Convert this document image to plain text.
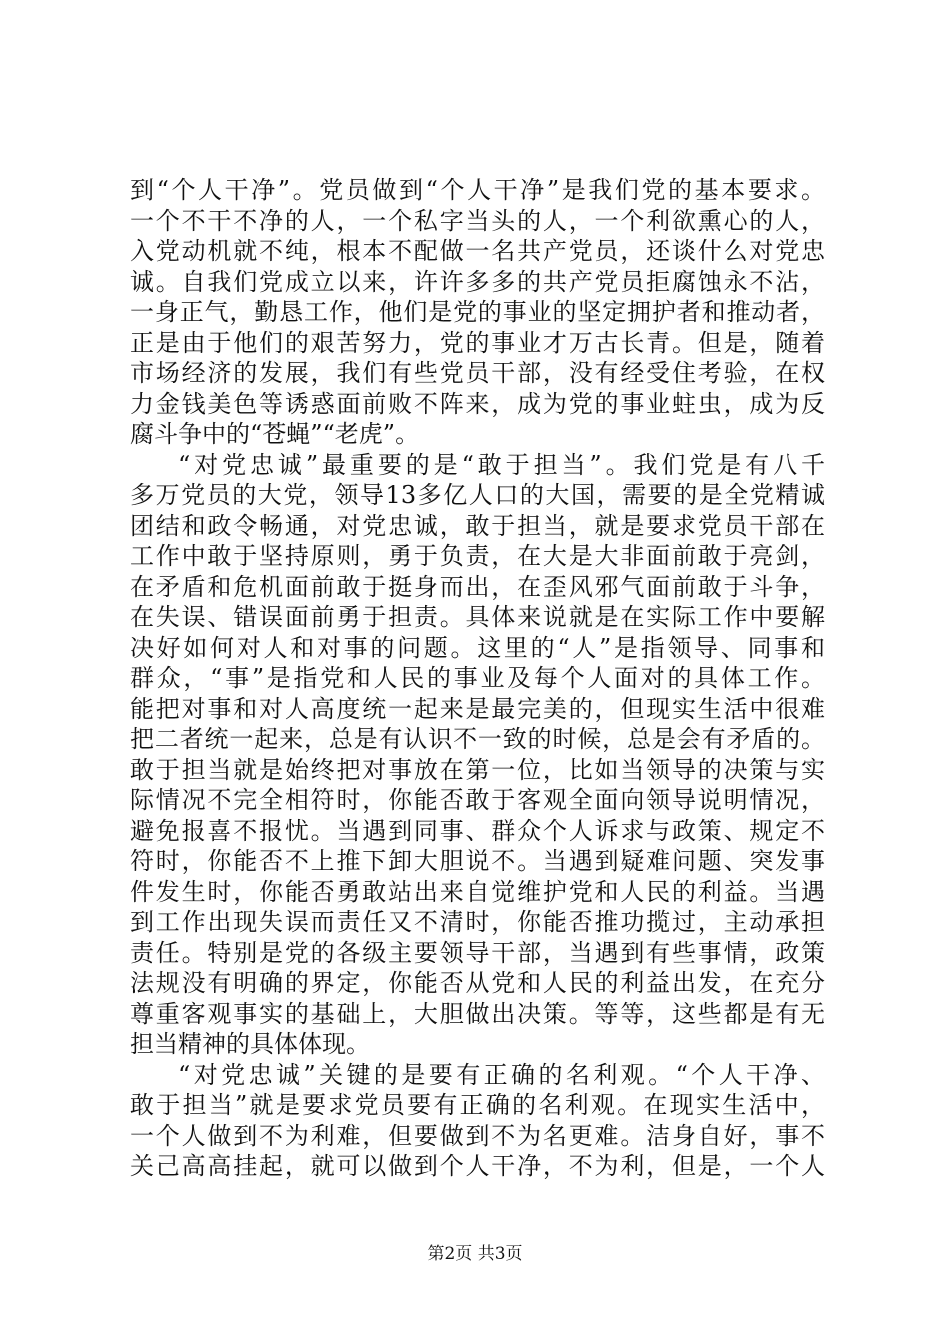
到“个人干净”。党员做到“个人干净”是我们党的基本要求。
一个不干不净的人，一个私字当头的人，一个利欲熏心的人，
入党动机就不纯，根本不配做一名共产党员，还谈什么对党忠
诚。自我们党成立以来，许许多多的共产党员拒腐蚀永不沾，
一身正气，勤恳工作，他们是党的事业的坚定拥护者和推动者，
正是由于他们的艰苦努力，党的事业才万古长青。但是，随着
市场经济的发展，我们有些党员干部，没有经受住考验，在权
力金钱美色等诱惑面前败不阵来，成为党的事业蛀虫，成为反
腐斗争中的“苍蝇”“老虎”。
“对党忠诚”最重要的是“敢于担当”。我们党是有八千
多万党员的大党，领导13多亿人口的大国，需要的是全党精诚
团结和政令畅通，对党忠诚，敢于担当，就是要求党员干部在
工作中敢于坚持原则，勇于负责，在大是大非面前敢于亮剑，
在矛盾和危机面前敢于挺身而出，在歪风邪气面前敢于斗争，
在失误、错误面前勇于担责。具体来说就是在实际工作中要解
决好如何对人和对事的问题。这里的“人”是指领导、同事和
群众，“事”是指党和人民的事业及每个人面对的具体工作。
能把对事和对人高度统一起来是最完美的，但现实生活中很难
把二者统一起来，总是有认识不一致的时候，总是会有矛盾的。
敢于担当就是始终把对事放在第一位，比如当领导的决策与实
际情况不完全相符时，你能否敢于客观全面向领导说明情况，
避免报喜不报忧。当遇到同事、群众个人诉求与政策、规定不
符时，你能否不上推下卸大胆说不。当遇到疑难问题、突发事
件发生时，你能否勇敢站出来自觉维护党和人民的利益。当遇
到工作出现失误而责任又不清时，你能否推功揽过，主动承担
责任。特别是党的各级主要领导干部，当遇到有些事情，政策
法规没有明确的界定，你能否从党和人民的利益出发，在充分
尊重客观事实的基础上，大胆做出决策。等等，这些都是有无
担当精神的具体体现。
“对党忠诚”关键的是要有正确的名利观。“个人干净、
敢于担当”就是要求党员要有正确的名利观。在现实生活中，
一个人做到不为利难，但要做到不为名更难。洁身自好，事不
关己高高挂起，就可以做到个人干净，不为利，但是，一个人
第2页 共3页
